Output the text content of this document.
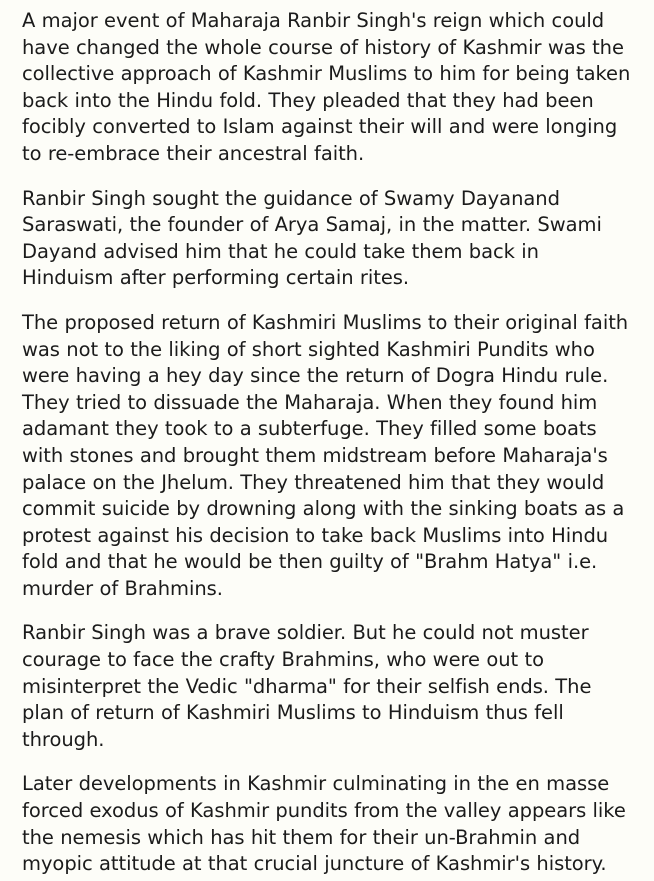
A major event of Maharaja Ranbir Singh's reign which could have changed the whole course of history of Kashmir was the collective approach of Kashmir Muslims to him for being taken back into the Hindu fold. They pleaded that they had been focibly converted to Islam against their will and were longing to re-embrace their ancestral faith.

Ranbir Singh sought the guidance of Swamy Dayanand Saraswati, the founder of Arya Samaj, in the matter. Swami Dayand advised him that he could take them back in Hinduism after performing certain rites.

The proposed return of Kashmiri Muslims to their original faith was not to the liking of short sighted Kashmiri Pundits who were having a hey day since the return of Dogra Hindu rule. They tried to dissuade the Maharaja. When they found him adamant they took to a subterfuge. They filled some boats with stones and brought them midstream before Maharaja's palace on the Jhelum. They threatened him that they would commit suicide by drowning along with the sinking boats as a protest against his decision to take back Muslims into Hindu fold and that he would be then guilty of "Brahm Hatya" i.e. murder of Brahmins.

Ranbir Singh was a brave soldier. But he could not muster courage to face the crafty Brahmins, who were out to misinterpret the Vedic "dharma" for their selfish ends. The plan of return of Kashmiri Muslims to Hinduism thus fell through.

Later developments in Kashmir culminating in the en masse forced exodus of Kashmir pundits from the valley appears like the nemesis which has hit them for their un-Brahmin and myopic attitude at that crucial juncture of Kashmir's history.
